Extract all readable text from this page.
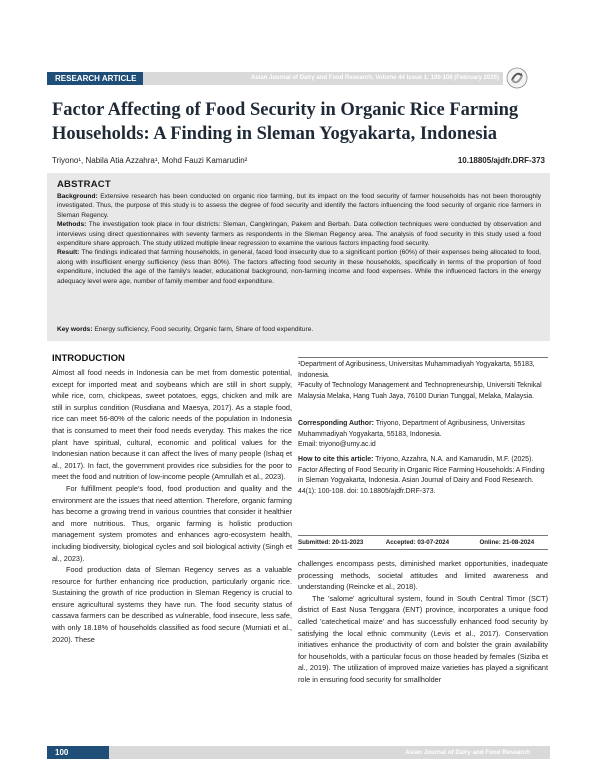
RESEARCH ARTICLE	Asian Journal of Dairy and Food Research, Volume 44 Issue 1: 100-108 (February 2025)
Factor Affecting of Food Security in Organic Rice Farming Households: A Finding in Sleman Yogyakarta, Indonesia
Triyono¹, Nabila Atia Azzahra¹, Mohd Fauzi Kamarudin²	10.18805/ajdfr.DRF-373
ABSTRACT

Background: Extensive research has been conducted on organic rice farming, but its impact on the food security of farmer households has not been thoroughly investigated. Thus, the purpose of this study is to assess the degree of food security and identify the factors influencing the food security of organic rice farmers in Sleman Regency.

Methods: The investigation took place in four districts: Sleman, Cangkringan, Pakem and Berbah. Data collection techniques were conducted by observation and interviews using direct questionnaires with seventy farmers as respondents in the Sleman Regency area. The analysis of food security in this study used a food expenditure share approach. The study utilized multiple linear regression to examine the various factors impacting food security.

Result: The findings indicated that farming households, in general, faced food insecurity due to a significant portion (60%) of their expenses being allocated to food, along with insufficient energy sufficiency (less than 80%). The factors affecting food security in these households, specifically in terms of the proportion of food expenditure, included the age of the family's leader, educational background, non-farming income and food expenses. While the influenced factors in the energy adequacy level were age, number of family member and food expenditure.

Key words: Energy sufficiency, Food security, Organic farm, Share of food expenditure.
INTRODUCTION

Almost all food needs in Indonesia can be met from domestic potential, except for imported meat and soybeans which are still in short supply, while rice, corn, chickpeas, sweet potatoes, eggs, chicken and milk are still in surplus condition (Rusdiana and Maesya, 2017). As a staple food, rice can meet 56-80% of the caloric needs of the population in Indonesia that is consumed to meet their food needs everyday. This makes the rice plant have spiritual, cultural, economic and political values for the Indonesian nation because it can affect the lives of many people (Ishaq et al., 2017). In fact, the government provides rice subsidies for the poor to meet the food and nutrition of low-income people (Amrullah et al., 2023).

For fulfillment people's food, food production and quality and the environment are the issues that need attention. Therefore, organic farming has become a growing trend in various countries that consider it healthier and more nutritious. Thus, organic farming is holistic production management system promotes and enhances agro-ecosystem health, including biodiversity, biological cycles and soil biological activity (Singh et al., 2023).

Food production data of Sleman Regency serves as a valuable resource for further enhancing rice production, particularly organic rice. Sustaining the growth of rice production in Sleman Regency is crucial to ensure agricultural systems they have run. The food security status of cassava farmers can be described as vulnerable, food insecure, less safe, with only 18.18% of households classified as food secure (Murniati et al., 2020). These

challenges encompass pests, diminished market opportunities, inadequate processing methods, societal attitudes and limited awareness and understanding (Reincke et al., 2018).

The 'salome' agricultural system, found in South Central Timor (SCT) district of East Nusa Tenggara (ENT) province, incorporates a unique food called 'catechetical maize' and has successfully enhanced food security by satisfying the local ethnic community (Levis et al., 2017). Conservation initiatives enhance the productivity of corn and bolster the grain availability for households, with a particular focus on those headed by females (Siziba et al., 2019). The utilization of improved maize varieties has played a significant role in ensuring food security for smallholder

¹Department of Agribusiness, Universitas Muhammadiyah Yogyakarta, 55183, Indonesia.
²Faculty of Technology Management and Technopreneurship, Universiti Teknikal Malaysia Melaka, Hang Tuah Jaya, 76100 Durian Tunggal, Melaka, Malaysia.
Corresponding Author: Triyono, Department of Agribusiness, Universitas Muhammadiyah Yogyakarta, 55183, Indonesia.
Email: triyono@umy.ac.id
How to cite this article: Triyono, Azzahra, N.A. and Kamarudin, M.F. (2025). Factor Affecting of Food Security in Organic Rice Farming Households: A Finding in Sleman Yogyakarta, Indonesia. Asian Journal of Dairy and Food Research. 44(1): 100-108. doi: 10.18805/ajdfr.DRF-373.
Submitted: 20-11-2023	Accepted: 03-07-2024	Online: 21-08-2024
100	Asian Journal of Dairy and Food Research
